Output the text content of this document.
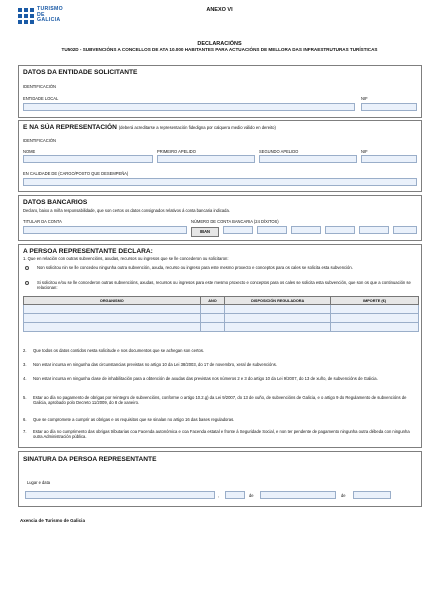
TURISMO
DE
GALICIA
ANEXO VI
DECLARACIÓNS
TU502D - SUBVENCIÓNS A CONCELLOS DE ATA 10.000 HABITANTES PARA ACTUACIÓNS DE MELLORA DAS INFRAESTRUTURAS TURÍSTICAS
DATOS DA ENTIDADE SOLICITANTE
IDENTIFICACIÓN
ENTIDADE LOCAL	NIF
E NA SÚA REPRESENTACIÓN (deberá acreditarse a representación fidedigna por calquera medio válido en dereito)
IDENTIFICACIÓN
NOME	PRIMEIRO APELIDO	SEGUNDO APELIDO	NIF
EN CALIDADE DE (CARGO/POSTO QUE DESEMPEÑA)
DATOS BANCARIOS
Declaro, baixo a miña responsabilidade, que son certos os datos consignados relativos á conta bancaria indicada.
TITULAR DA CONTA	NÚMERO DE CONTA BANCARIA (24 DÍXITOS)
IBAN
A PERSOA REPRESENTANTE DECLARA:
1. Que en relación con outras subvencións, axudas, recursos ou ingresos que se lle concederon ou solicitaron:
Non solicitou nin se lle concedeu ningunha outra subvención, axuda, recurso ou ingreso para este mesmo proxecto e conceptos para os cales se solicita esta subvención.
Si solicitou e/ou se lle concederon outras subvencións, axudas, recursos ou ingresos para este mesmo proxecto e conceptos para os cales se solicita esta subvención, que son os que a continuación se relacionan:
ORGANISMO	ANO	DISPOSICIÓN REGULADORA	IMPORTE (€)

2.	Que todos os datos contidos nesta solicitude e nos documentos que se achegan son certos.
3.	Non estar incursa en ningunha das circunstancias previstas no artigo 10 da Lei 38/2003, do 17 de novembro, xeral de subvencións.
4.	Non estar incursa en ningunha clase de inhabilitación para a obtención de axudas das previstas nos números 2 e 3 do artigo 10 da Lei 9/2007, do 13 de xuño, de subvencións de Galicia.
5.	Estar ao día no pagamento de obrigas por reintegro de subvencións, conforme o artigo 10.2.g) da Lei 9/2007, do 13 de xuño, de subvencións de Galicia, e o artigo 9 do Regulamento de subvencións de Galicia, aprobado polo Decreto 11/2009, do 8 de xaneiro.
6.	Que se compromete a cumprir as obrigas e os requisitos que se sinalan no artigo 16 das bases reguladoras.
7.	Estar ao día no cumprimento das obrigas tributarias coa Facenda autonómica e coa Facenda estatal e fronte á Seguridade Social, e non ter pendente de pagamento ningunha outra débeda con ningunha outra Administración pública.
SINATURA DA PERSOA REPRESENTANTE
Lugar e data
,	de	de
Axencia de Turismo de Galicia
